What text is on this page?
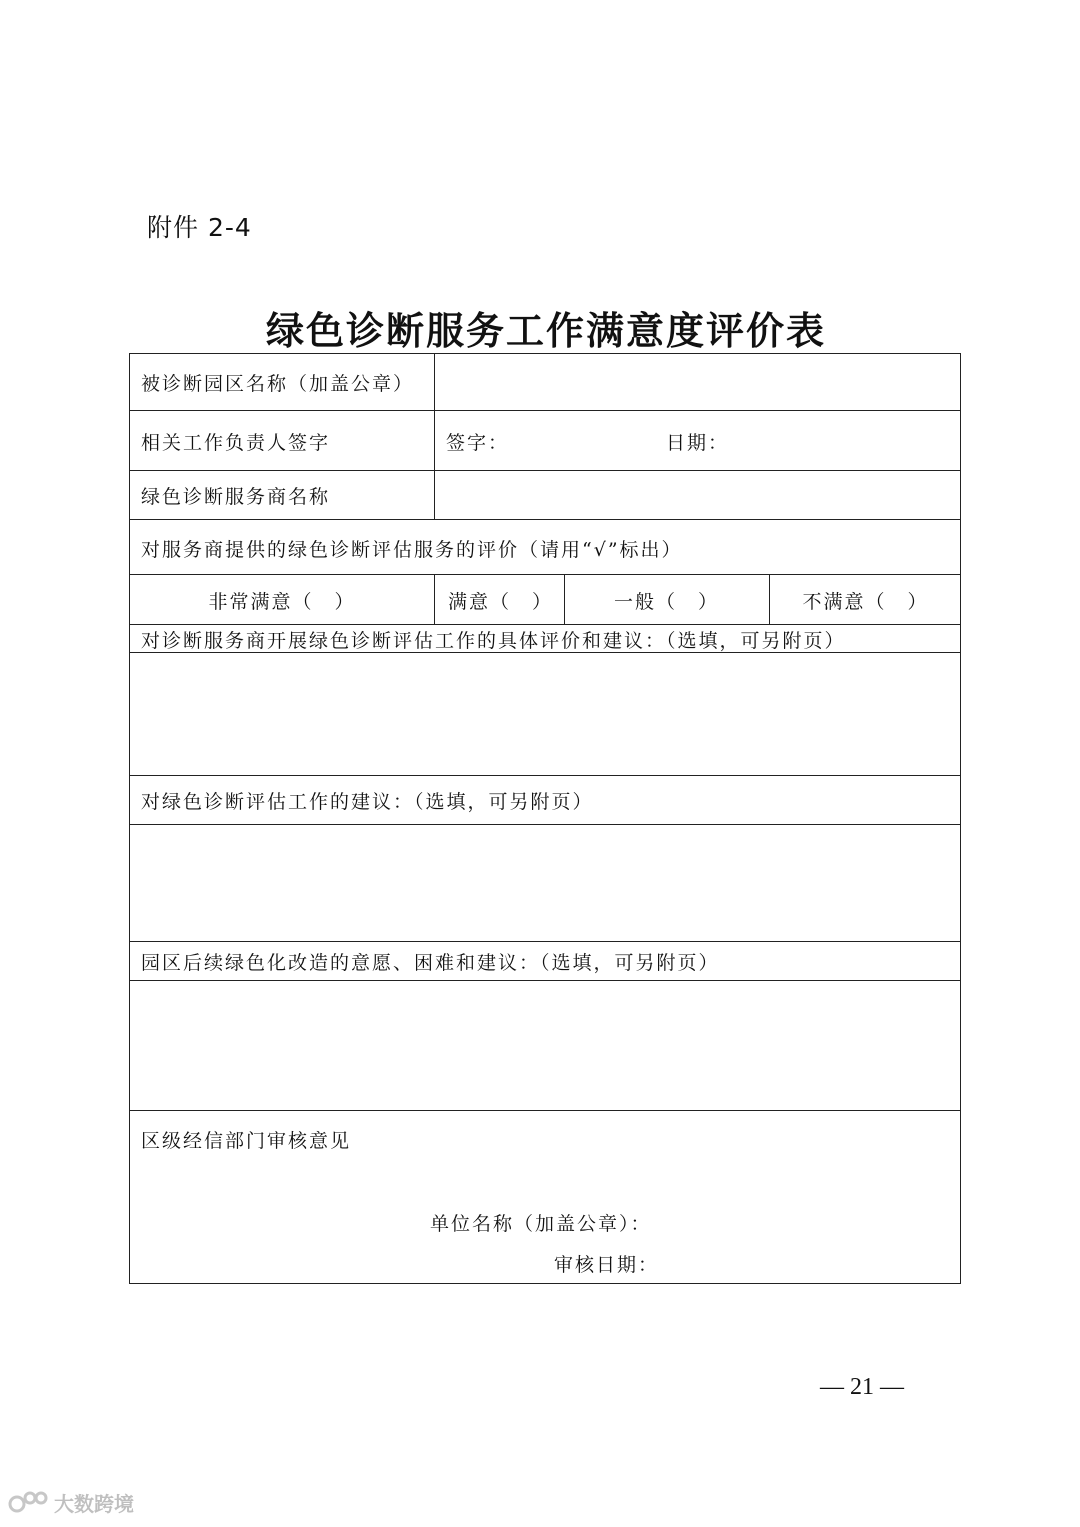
附件 2-4
绿色诊断服务工作满意度评价表
被诊断园区名称（加盖公章）
相关工作负责人签字	签字：	日期：
绿色诊断服务商名称
对服务商提供的绿色诊断评估服务的评价（请用“√”标出）
非常满意（　）	满意（　）	一般（　）	不满意（　）
对诊断服务商开展绿色诊断评估工作的具体评价和建议：（选填，可另附页）
对绿色诊断评估工作的建议：（选填，可另附页）
园区后续绿色化改造的意愿、困难和建议：（选填，可另附页）
区级经信部门审核意见
单位名称（加盖公章）：
审核日期：
— 21 —
大数跨境
